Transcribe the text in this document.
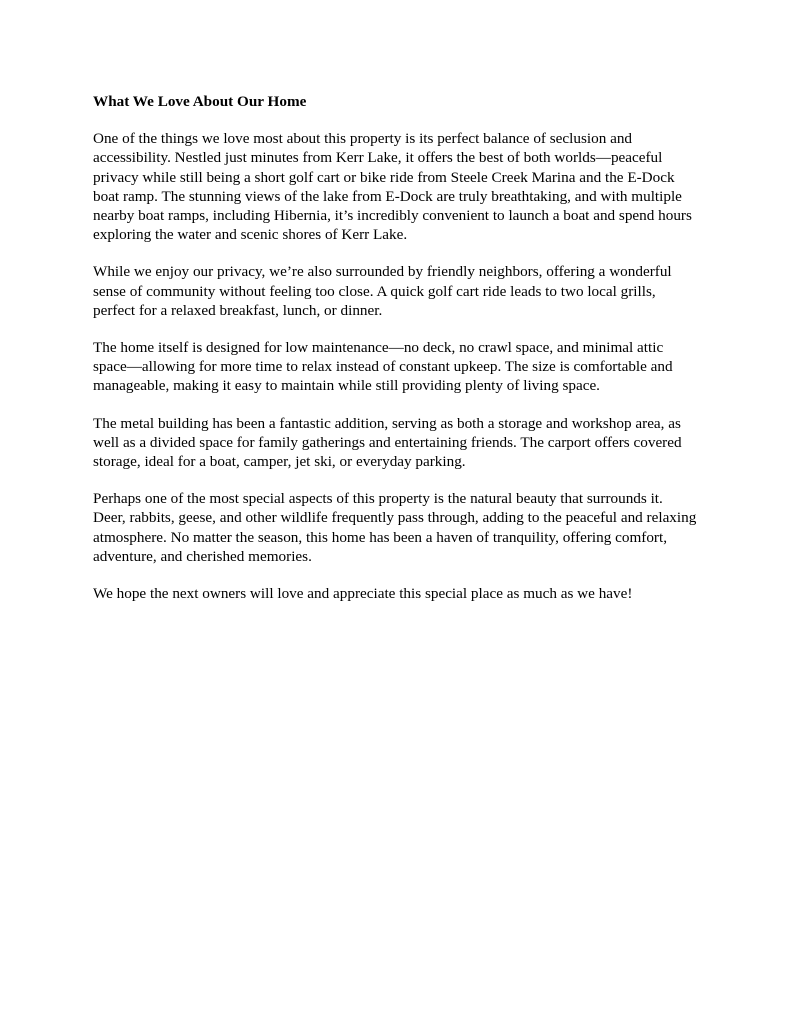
What We Love About Our Home

One of the things we love most about this property is its perfect balance of seclusion and accessibility. Nestled just minutes from Kerr Lake, it offers the best of both worlds—peaceful privacy while still being a short golf cart or bike ride from Steele Creek Marina and the E-Dock boat ramp. The stunning views of the lake from E-Dock are truly breathtaking, and with multiple nearby boat ramps, including Hibernia, it’s incredibly convenient to launch a boat and spend hours exploring the water and scenic shores of Kerr Lake.

While we enjoy our privacy, we’re also surrounded by friendly neighbors, offering a wonderful sense of community without feeling too close. A quick golf cart ride leads to two local grills, perfect for a relaxed breakfast, lunch, or dinner.

The home itself is designed for low maintenance—no deck, no crawl space, and minimal attic space—allowing for more time to relax instead of constant upkeep. The size is comfortable and manageable, making it easy to maintain while still providing plenty of living space.

The metal building has been a fantastic addition, serving as both a storage and workshop area, as well as a divided space for family gatherings and entertaining friends. The carport offers covered storage, ideal for a boat, camper, jet ski, or everyday parking.

Perhaps one of the most special aspects of this property is the natural beauty that surrounds it. Deer, rabbits, geese, and other wildlife frequently pass through, adding to the peaceful and relaxing atmosphere. No matter the season, this home has been a haven of tranquility, offering comfort, adventure, and cherished memories.

We hope the next owners will love and appreciate this special place as much as we have!
